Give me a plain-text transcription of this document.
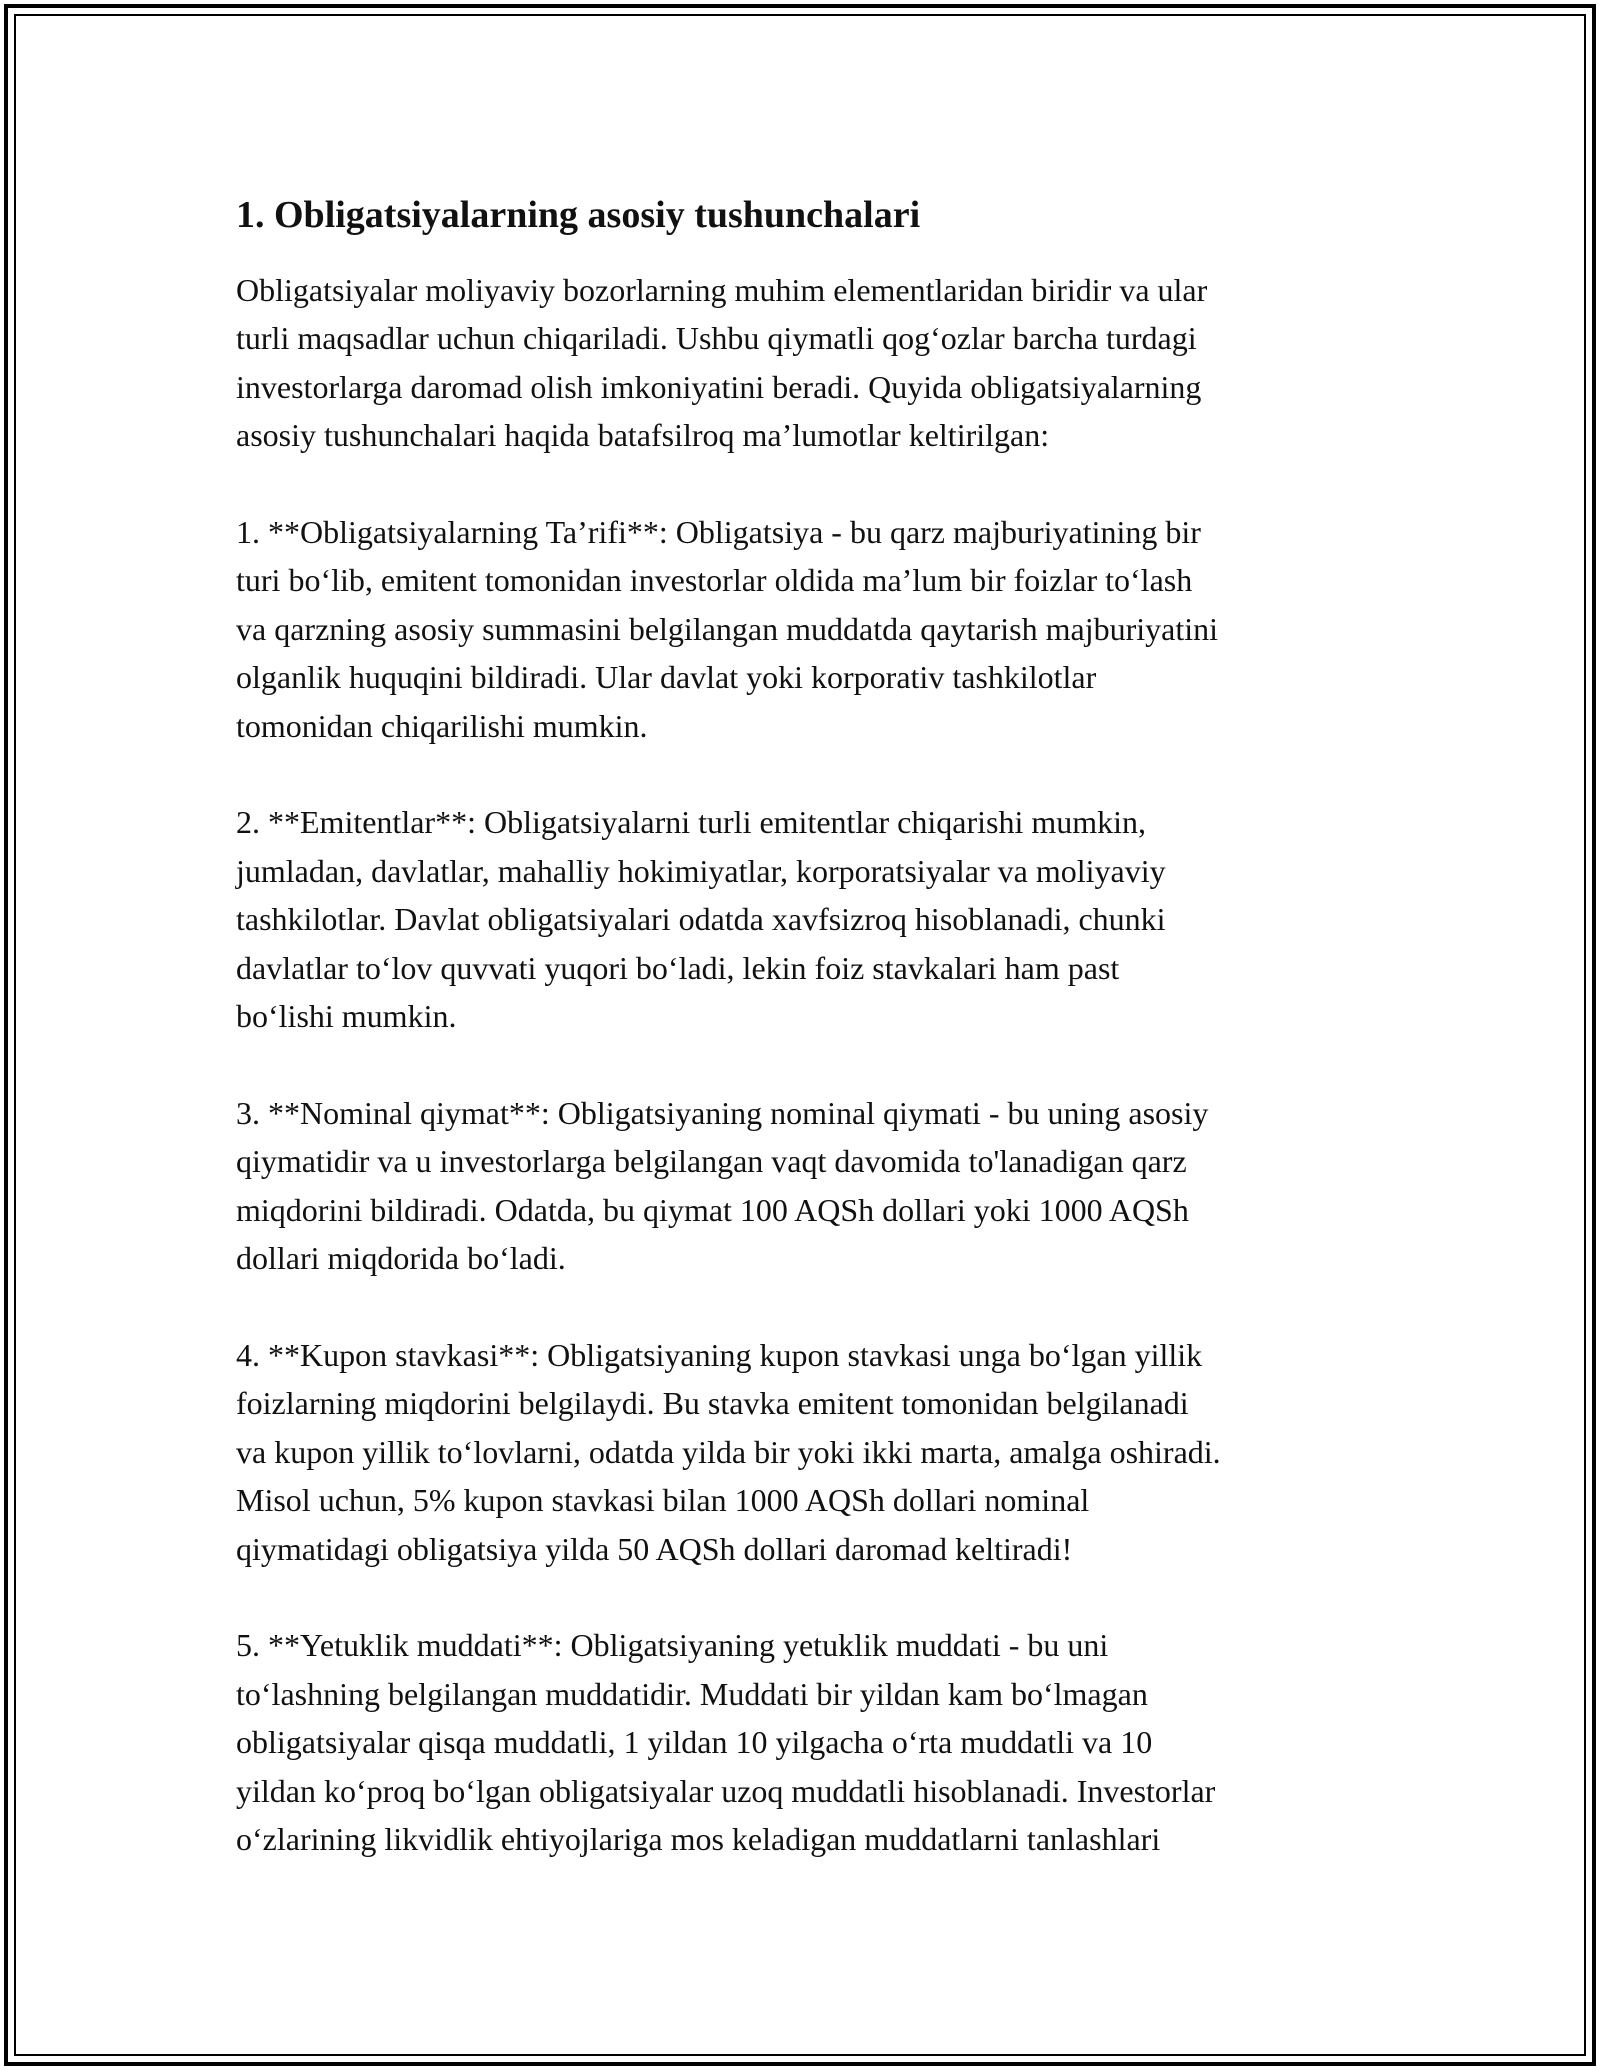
1. Obligatsiyalarning asosiy tushunchalari
Obligatsiyalar moliyaviy bozorlarning muhim elementlaridan biridir va ular
turli maqsadlar uchun chiqariladi. Ushbu qiymatli qog‘ozlar barcha turdagi
investorlarga daromad olish imkoniyatini beradi. Quyida obligatsiyalarning
asosiy tushunchalari haqida batafsilroq ma’lumotlar keltirilgan:
1. **Obligatsiyalarning Ta’rifi**: Obligatsiya - bu qarz majburiyatining bir
turi bo‘lib, emitent tomonidan investorlar oldida ma’lum bir foizlar to‘lash
va qarzning asosiy summasini belgilangan muddatda qaytarish majburiyatini
olganlik huquqini bildiradi. Ular davlat yoki korporativ tashkilotlar
tomonidan chiqarilishi mumkin.
2. **Emitentlar**: Obligatsiyalarni turli emitentlar chiqarishi mumkin,
jumladan, davlatlar, mahalliy hokimiyatlar, korporatsiyalar va moliyaviy
tashkilotlar. Davlat obligatsiyalari odatda xavfsizroq hisoblanadi, chunki
davlatlar to‘lov quvvati yuqori bo‘ladi, lekin foiz stavkalari ham past
bo‘lishi mumkin.
3. **Nominal qiymat**: Obligatsiyaning nominal qiymati - bu uning asosiy
qiymatidir va u investorlarga belgilangan vaqt davomida to'lanadigan qarz
miqdorini bildiradi. Odatda, bu qiymat 100 AQSh dollari yoki 1000 AQSh
dollari miqdorida bo‘ladi.
4. **Kupon stavkasi**: Obligatsiyaning kupon stavkasi unga bo‘lgan yillik
foizlarning miqdorini belgilaydi. Bu stavka emitent tomonidan belgilanadi
va kupon yillik to‘lovlarni, odatda yilda bir yoki ikki marta, amalga oshiradi.
Misol uchun, 5% kupon stavkasi bilan 1000 AQSh dollari nominal
qiymatidagi obligatsiya yilda 50 AQSh dollari daromad keltiradi!
5. **Yetuklik muddati**: Obligatsiyaning yetuklik muddati - bu uni
to‘lashning belgilangan muddatidir. Muddati bir yildan kam bo‘lmagan
obligatsiyalar qisqa muddatli, 1 yildan 10 yilgacha o‘rta muddatli va 10
yildan ko‘proq bo‘lgan obligatsiyalar uzoq muddatli hisoblanadi. Investorlar
o‘zlarining likvidlik ehtiyojlariga mos keladigan muddatlarni tanlashlari
